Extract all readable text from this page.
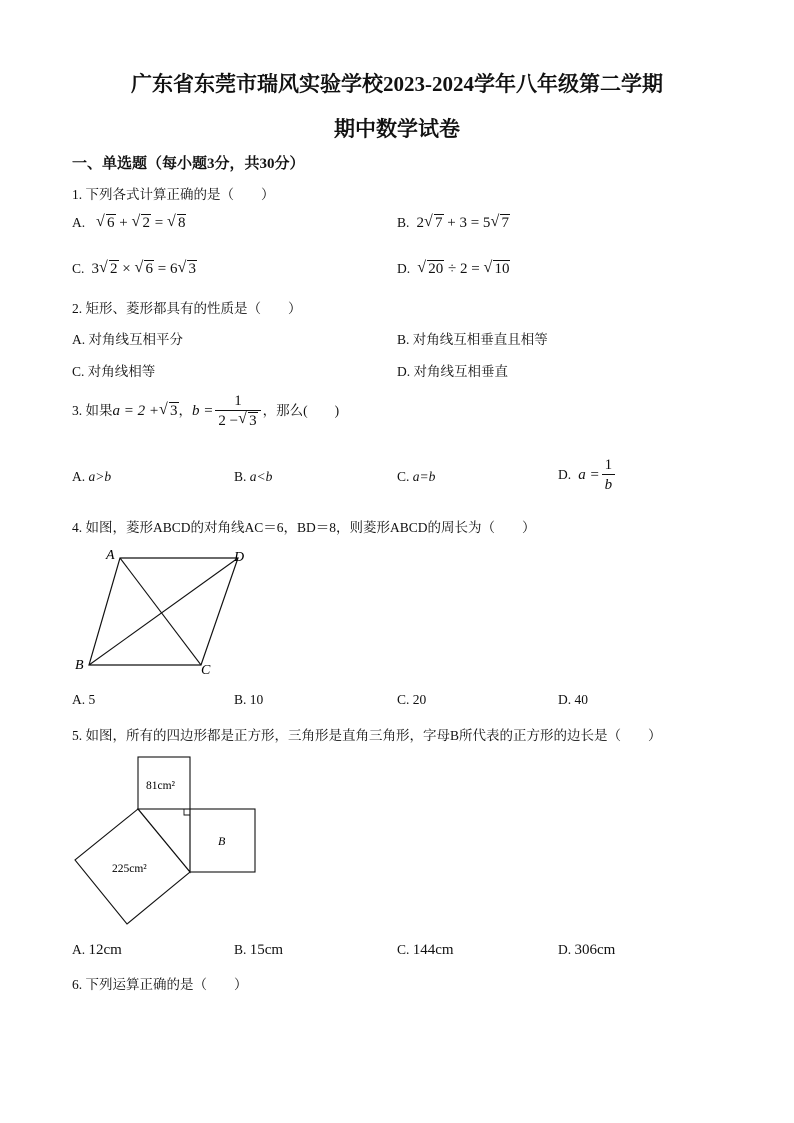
广东省东莞市瑞风实验学校2023-2024学年八年级第二学期
期中数学试卷
一、单选题（每小题3分，共30分）
1. 下列各式计算正确的是（　　）
A. √ 6 + √ 2 = √ 8	B. 2 √ 7 + 3 = 5 √ 7
C. 3 √ 2 × √ 6 = 6 √ 3	D. √ 20 ÷ 2 = √ 10
2. 矩形、菱形都具有的性质是（　　）
A. 对角线互相平分	B. 对角线互相垂直且相等
C. 对角线相等	D. 对角线互相垂直
3. 如果a = 2 + √ 3，$b = \frac{1}{2 - √ 3}$ ，那么(　　)
A. a>b	B. a<b	C. a=b	D. $a = \frac{1}{b}$
4. 如图，菱形ABCD的对角线AC＝6，BD＝8，则菱形ABCD的周长为（　　）
A	D
B	C
A. 5	B. 10	C. 20	D. 40
5. 如图，所有的四边形都是正方形，三角形是直角三角形，字母B所代表的正方形的边长是（　　）
81cm²
B
225cm²
A. 12cm	B. 15cm	C. 144cm	D. 306cm
6. 下列运算正确的是（　　）
